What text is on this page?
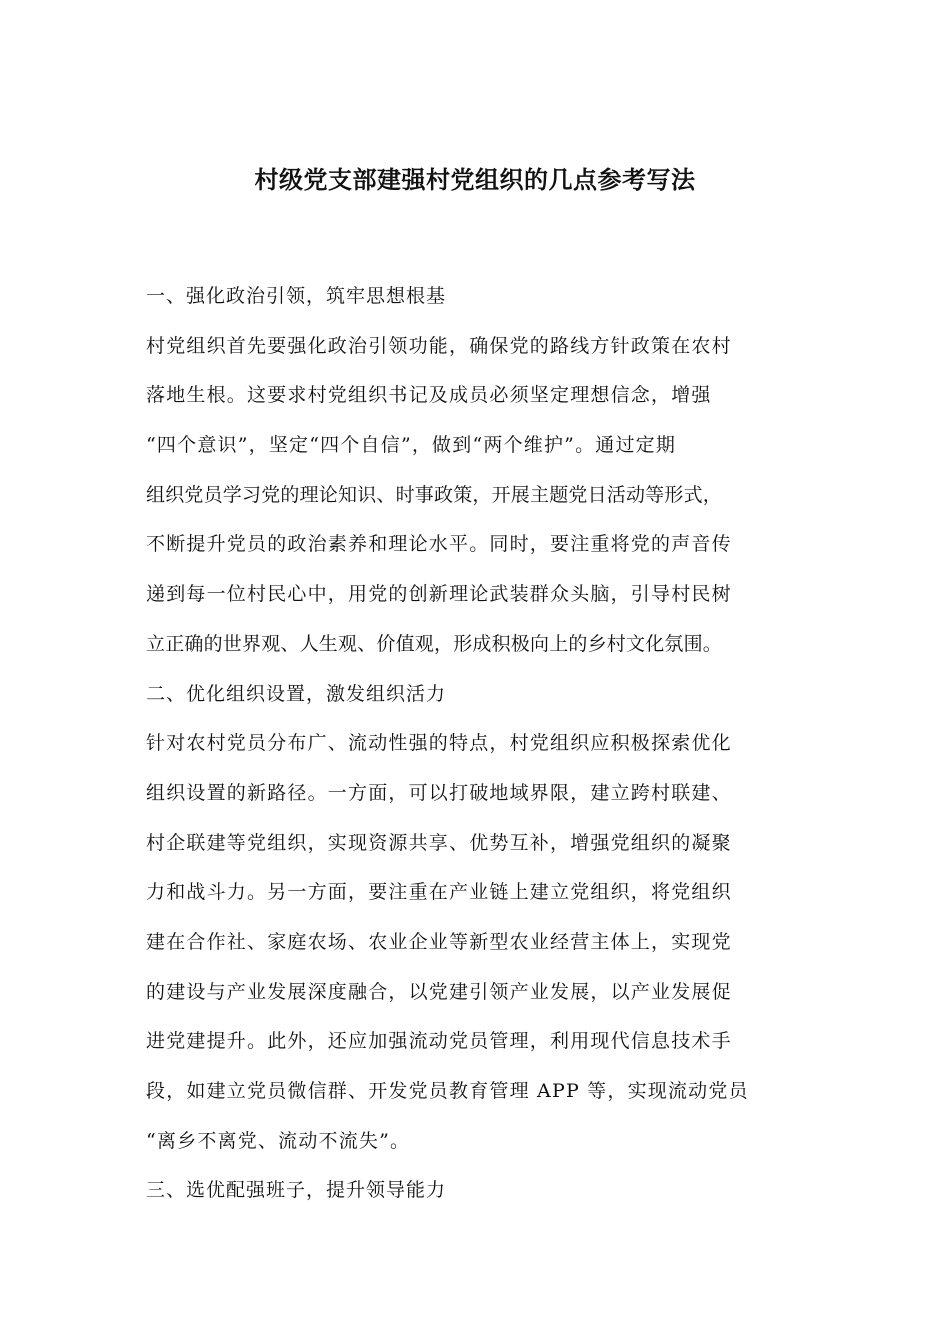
村级党支部建强村党组织的几点参考写法
一、强化政治引领，筑牢思想根基
村党组织首先要强化政治引领功能，确保党的路线方针政策在农村
落地生根。这要求村党组织书记及成员必须坚定理想信念，增强
“四个意识”，坚定“四个自信”，做到“两个维护”。通过定期
组织党员学习党的理论知识、时事政策，开展主题党日活动等形式，
不断提升党员的政治素养和理论水平。同时，要注重将党的声音传
递到每一位村民心中，用党的创新理论武装群众头脑，引导村民树
立正确的世界观、人生观、价值观，形成积极向上的乡村文化氛围。
二、优化组织设置，激发组织活力
针对农村党员分布广、流动性强的特点，村党组织应积极探索优化
组织设置的新路径。一方面，可以打破地域界限，建立跨村联建、
村企联建等党组织，实现资源共享、优势互补，增强党组织的凝聚
力和战斗力。另一方面，要注重在产业链上建立党组织，将党组织
建在合作社、家庭农场、农业企业等新型农业经营主体上，实现党
的建设与产业发展深度融合，以党建引领产业发展，以产业发展促
进党建提升。此外，还应加强流动党员管理，利用现代信息技术手
段，如建立党员微信群、开发党员教育管理 APP 等，实现流动党员
“离乡不离党、流动不流失”。
三、选优配强班子，提升领导能力
